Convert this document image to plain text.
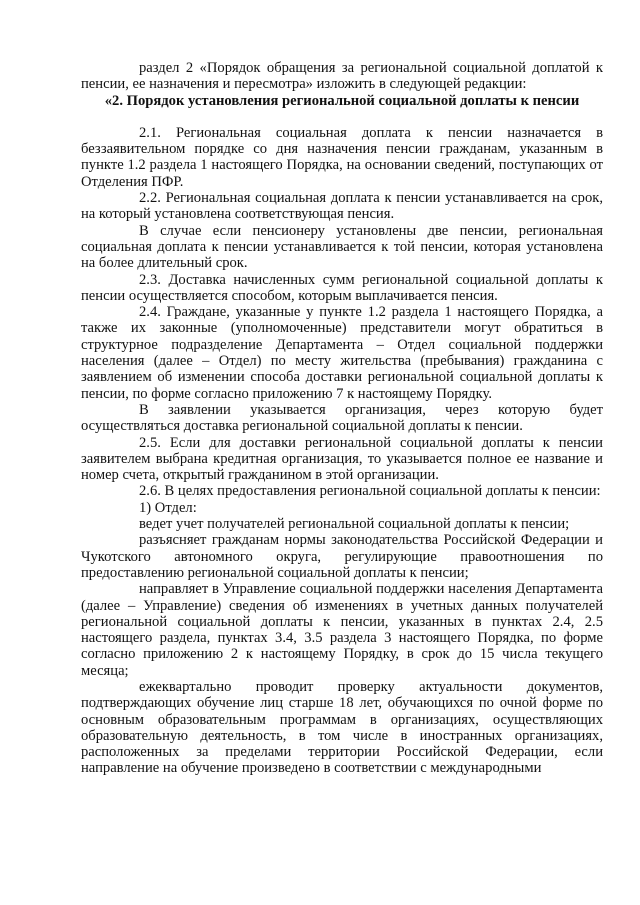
раздел 2 «Порядок обращения за региональной социальной доплатой к пенсии, ее назначения и пересмотра» изложить в следующей редакции:

«2. Порядок установления региональной социальной доплаты к пенсии

2.1. Региональная социальная доплата к пенсии назначается в беззаявительном порядке со дня назначения пенсии гражданам, указанным в пункте 1.2 раздела 1 настоящего Порядка, на основании сведений, поступающих от Отделения ПФР.

2.2. Региональная социальная доплата к пенсии устанавливается на срок, на который установлена соответствующая пенсия.

В случае если пенсионеру установлены две пенсии, региональная социальная доплата к пенсии устанавливается к той пенсии, которая установлена на более длительный срок.

2.3. Доставка начисленных сумм региональной социальной доплаты к пенсии осуществляется способом, которым выплачивается пенсия.

2.4. Граждане, указанные у пункте 1.2 раздела 1 настоящего Порядка, а также их законные (уполномоченные) представители могут обратиться в структурное подразделение Департамента – Отдел социальной поддержки населения (далее – Отдел) по месту жительства (пребывания) гражданина с заявлением об изменении способа доставки региональной социальной доплаты к пенсии, по форме согласно приложению 7 к настоящему Порядку.

В заявлении указывается организация, через которую будет осуществляться доставка региональной социальной доплаты к пенсии.

2.5. Если для доставки региональной социальной доплаты к пенсии заявителем выбрана кредитная организация, то указывается полное ее название и номер счета, открытый гражданином в этой организации.

2.6. В целях предоставления региональной социальной доплаты к пенсии:

1) Отдел:

ведет учет получателей региональной социальной доплаты к пенсии;

разъясняет гражданам нормы законодательства Российской Федерации и Чукотского автономного округа, регулирующие правоотношения по предоставлению региональной социальной доплаты к пенсии;

направляет в Управление социальной поддержки населения Департамента (далее – Управление) сведения об изменениях в учетных данных получателей региональной социальной доплаты к пенсии, указанных в пунктах 2.4, 2.5 настоящего раздела, пунктах 3.4, 3.5 раздела 3 настоящего Порядка, по форме согласно приложению 2 к настоящему Порядку, в срок до 15 числа текущего месяца;

ежеквартально проводит проверку актуальности документов, подтверждающих обучение лиц старше 18 лет, обучающихся по очной форме по основным образовательным программам в организациях, осуществляющих образовательную деятельность, в том числе в иностранных организациях, расположенных за пределами территории Российской Федерации, если направление на обучение произведено в соответствии с международными
